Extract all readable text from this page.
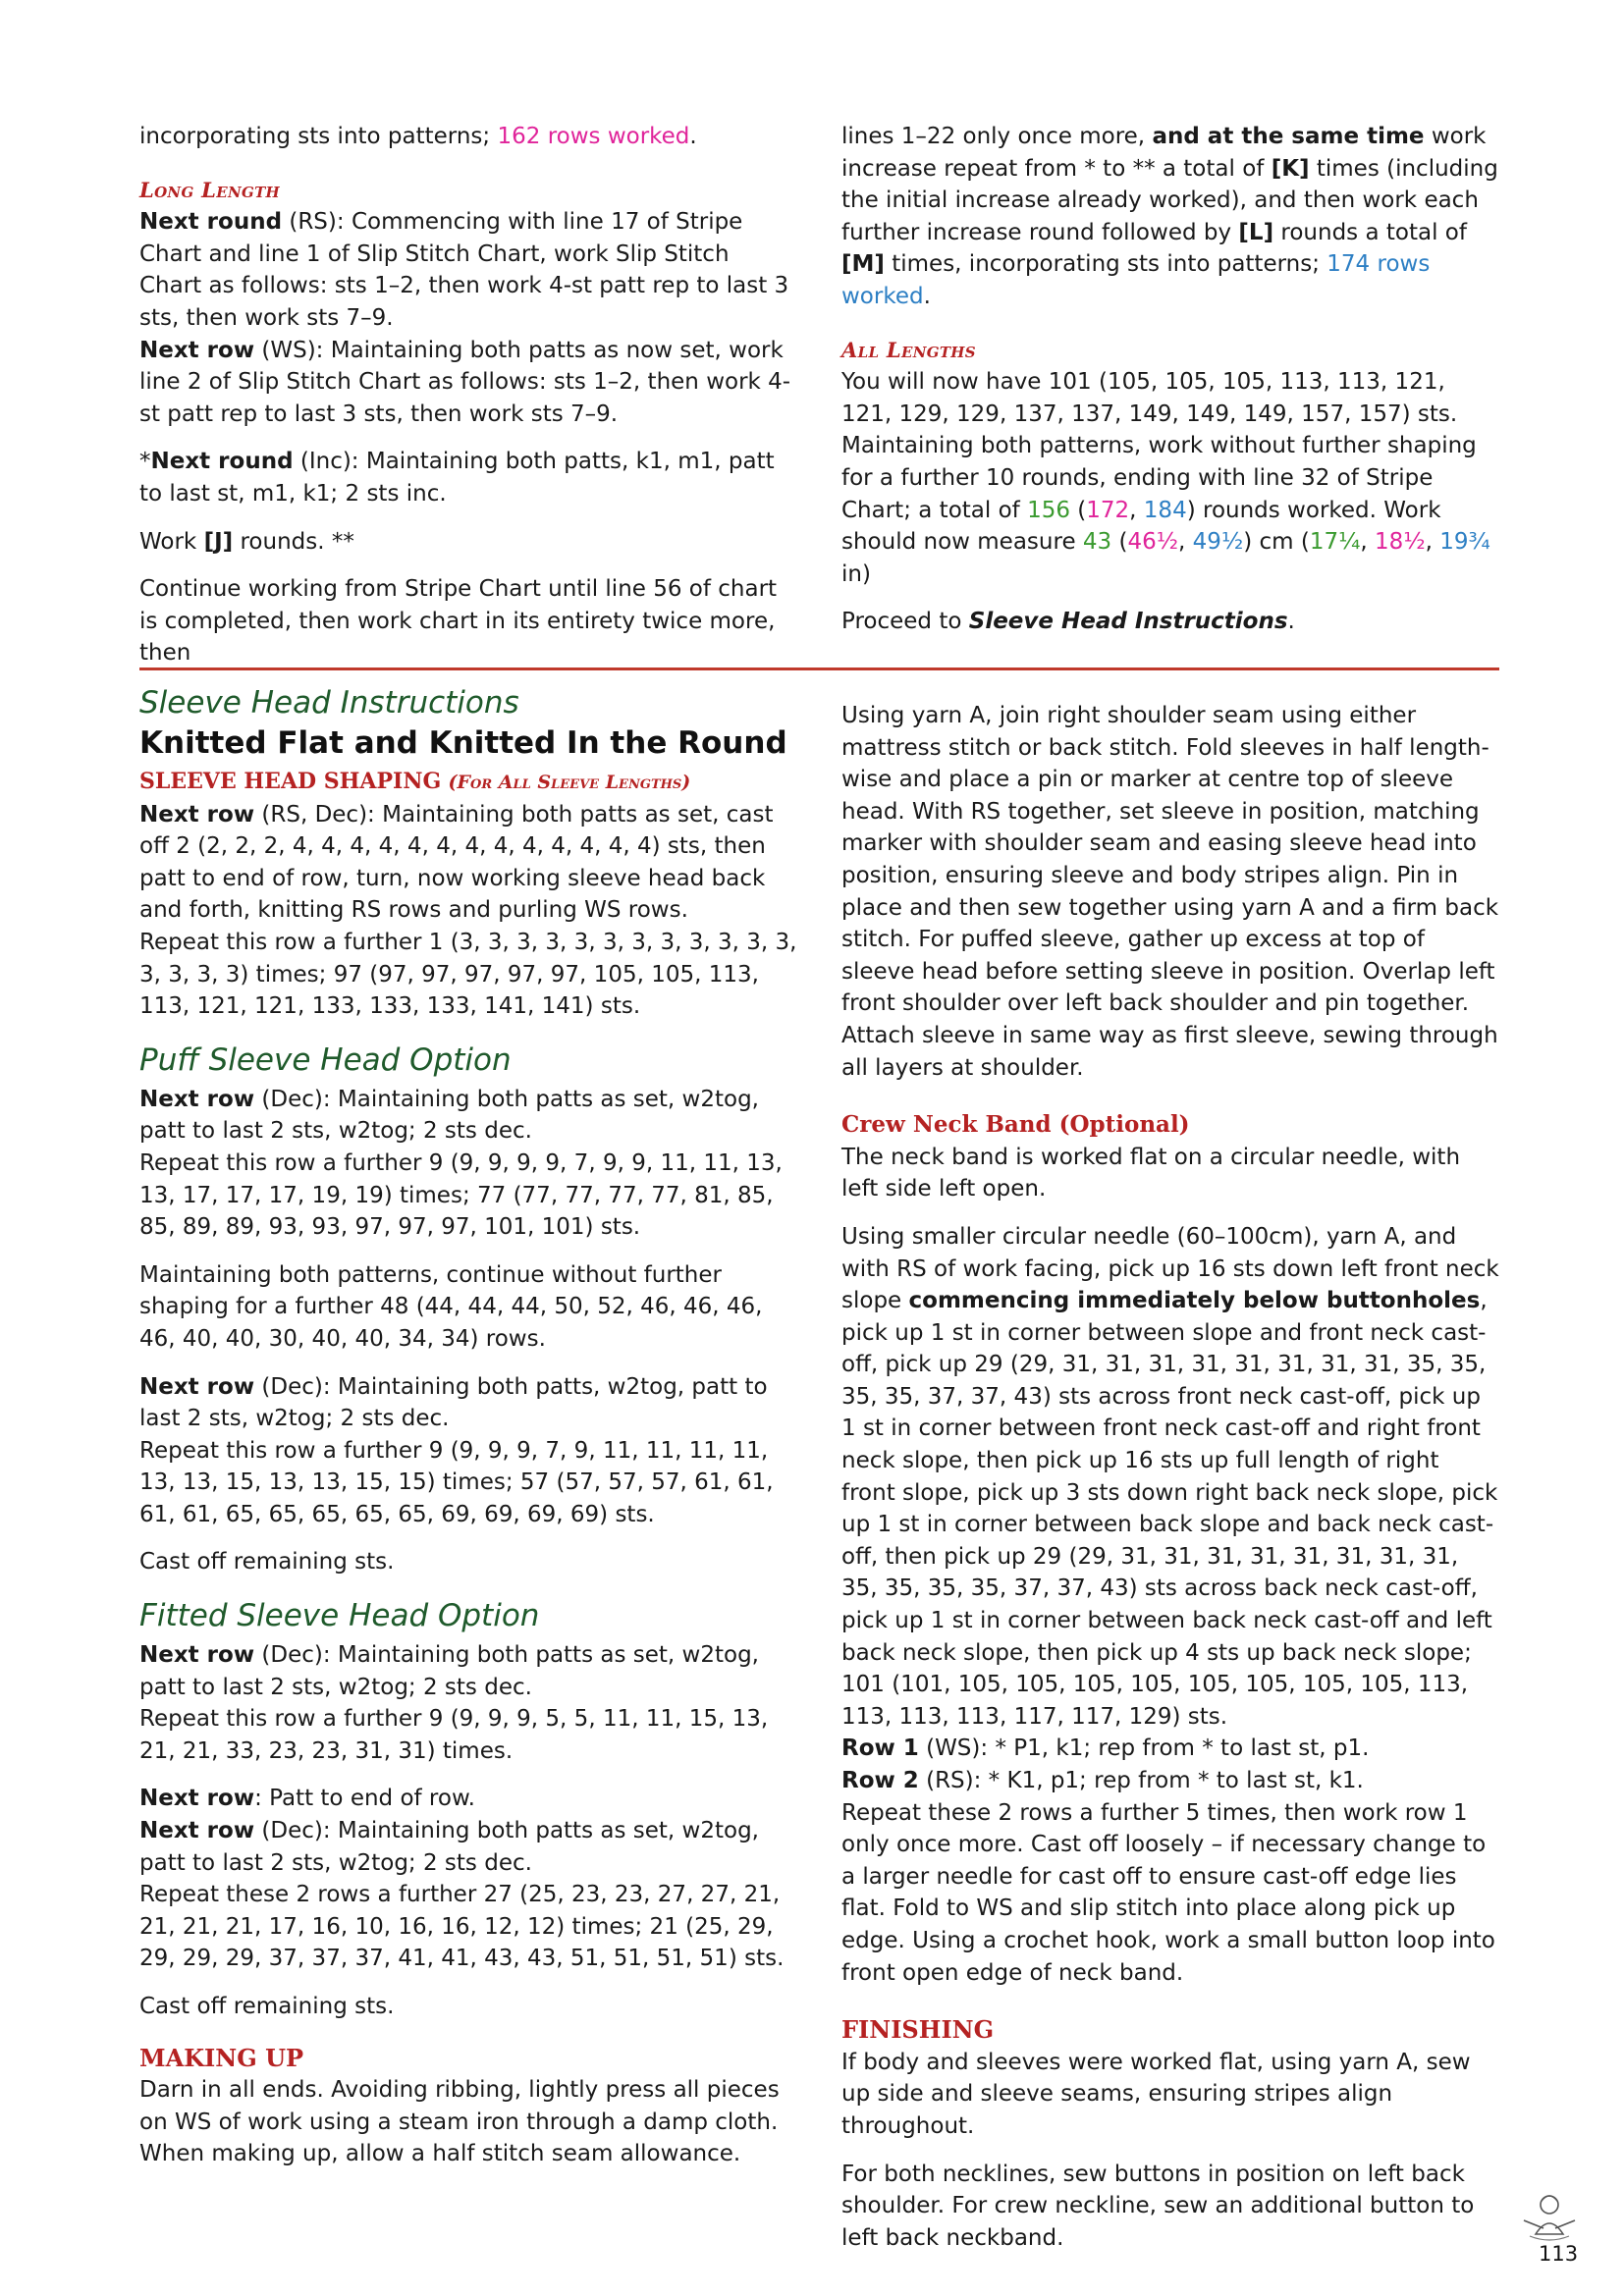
incorporating sts into patterns; 162 rows worked.

Long Length

Next round (RS): Commencing with line 17 of Stripe Chart and line 1 of Slip Stitch Chart, work Slip Stitch Chart as follows: sts 1–2, then work 4-st patt rep to last 3 sts, then work sts 7–9.

Next row (WS): Maintaining both patts as now set, work line 2 of Slip Stitch Chart as follows: sts 1–2, then work 4-st patt rep to last 3 sts, then work sts 7–9.

*Next round (Inc): Maintaining both patts, k1, m1, patt to last st, m1, k1; 2 sts inc.

Work [J] rounds. **

Continue working from Stripe Chart until line 56 of chart is completed, then work chart in its entirety twice more, then

lines 1–22 only once more, and at the same time work increase repeat from * to ** a total of [K] times (including the initial increase already worked), and then work each further increase round followed by [L] rounds a total of [M] times, incorporating sts into patterns; 174 rows worked.

All Lengths

You will now have 101 (105, 105, 105, 113, 113, 121, 121, 129, 129, 137, 137, 149, 149, 149, 157, 157) sts. Maintaining both patterns, work without further shaping for a further 10 rounds, ending with line 32 of Stripe Chart; a total of 156 (172, 184) rounds worked. Work should now measure 43 (46½, 49½) cm (17¼, 18½, 19¾ in)

Proceed to Sleeve Head Instructions.

Sleeve Head Instructions

Knitted Flat and Knitted In the Round

SLEEVE HEAD SHAPING (For All Sleeve Lengths)

Next row (RS, Dec): Maintaining both patts as set, cast off 2 (2, 2, 2, 4, 4, 4, 4, 4, 4, 4, 4, 4, 4, 4, 4, 4) sts, then patt to end of row, turn, now working sleeve head back and forth, knitting RS rows and purling WS rows.

Repeat this row a further 1 (3, 3, 3, 3, 3, 3, 3, 3, 3, 3, 3, 3, 3, 3, 3, 3) times; 97 (97, 97, 97, 97, 97, 105, 105, 113, 113, 121, 121, 133, 133, 133, 141, 141) sts.

Puff Sleeve Head Option

Next row (Dec): Maintaining both patts as set, w2tog, patt to last 2 sts, w2tog; 2 sts dec.

Repeat this row a further 9 (9, 9, 9, 9, 7, 9, 9, 11, 11, 13, 13, 17, 17, 17, 19, 19) times; 77 (77, 77, 77, 77, 81, 85, 85, 89, 89, 93, 93, 97, 97, 97, 101, 101) sts.

Maintaining both patterns, continue without further shaping for a further 48 (44, 44, 44, 50, 52, 46, 46, 46, 46, 40, 40, 30, 40, 40, 34, 34) rows.

Next row (Dec): Maintaining both patts, w2tog, patt to last 2 sts, w2tog; 2 sts dec.

Repeat this row a further 9 (9, 9, 9, 7, 9, 11, 11, 11, 11, 13, 13, 15, 13, 13, 15, 15) times; 57 (57, 57, 57, 61, 61, 61, 61, 65, 65, 65, 65, 65, 69, 69, 69, 69) sts.

Cast off remaining sts.

Fitted Sleeve Head Option

Next row (Dec): Maintaining both patts as set, w2tog, patt to last 2 sts, w2tog; 2 sts dec.

Repeat this row a further 9 (9, 9, 9, 5, 5, 11, 11, 15, 13, 21, 21, 33, 23, 23, 31, 31) times.

Next row: Patt to end of row.

Next row (Dec): Maintaining both patts as set, w2tog, patt to last 2 sts, w2tog; 2 sts dec.

Repeat these 2 rows a further 27 (25, 23, 23, 27, 27, 21, 21, 21, 21, 17, 16, 10, 16, 16, 12, 12) times; 21 (25, 29, 29, 29, 29, 37, 37, 37, 41, 41, 43, 43, 51, 51, 51, 51) sts.

Cast off remaining sts.

MAKING UP

Darn in all ends. Avoiding ribbing, lightly press all pieces on WS of work using a steam iron through a damp cloth. When making up, allow a half stitch seam allowance.

Using yarn A, join right shoulder seam using either mattress stitch or back stitch. Fold sleeves in half length-wise and place a pin or marker at centre top of sleeve head. With RS together, set sleeve in position, matching marker with shoulder seam and easing sleeve head into position, ensuring sleeve and body stripes align. Pin in place and then sew together using yarn A and a firm back stitch. For puffed sleeve, gather up excess at top of sleeve head before setting sleeve in position. Overlap left front shoulder over left back shoulder and pin together. Attach sleeve in same way as first sleeve, sewing through all layers at shoulder.

Crew Neck Band (Optional)

The neck band is worked flat on a circular needle, with left side left open.

Using smaller circular needle (60–100cm), yarn A, and with RS of work facing, pick up 16 sts down left front neck slope commencing immediately below buttonholes, pick up 1 st in corner between slope and front neck cast-off, pick up 29 (29, 31, 31, 31, 31, 31, 31, 31, 31, 35, 35, 35, 35, 37, 37, 43) sts across front neck cast-off, pick up 1 st in corner between front neck cast-off and right front neck slope, then pick up 16 sts up full length of right front slope, pick up 3 sts down right back neck slope, pick up 1 st in corner between back slope and back neck cast-off, then pick up 29 (29, 31, 31, 31, 31, 31, 31, 31, 31, 35, 35, 35, 35, 37, 37, 43) sts across back neck cast-off, pick up 1 st in corner between back neck cast-off and left back neck slope, then pick up 4 sts up back neck slope; 101 (101, 105, 105, 105, 105, 105, 105, 105, 105, 113, 113, 113, 113, 117, 117, 129) sts.

Row 1 (WS): * P1, k1; rep from * to last st, p1.

Row 2 (RS): * K1, p1; rep from * to last st, k1.

Repeat these 2 rows a further 5 times, then work row 1 only once more. Cast off loosely – if necessary change to a larger needle for cast off to ensure cast-off edge lies flat. Fold to WS and slip stitch into place along pick up edge. Using a crochet hook, work a small button loop into front open edge of neck band.

FINISHING

If body and sleeves were worked flat, using yarn A, sew up side and sleeve seams, ensuring stripes align throughout.

For both necklines, sew buttons in position on left back shoulder. For crew neckline, sew an additional button to left back neckband.

113
